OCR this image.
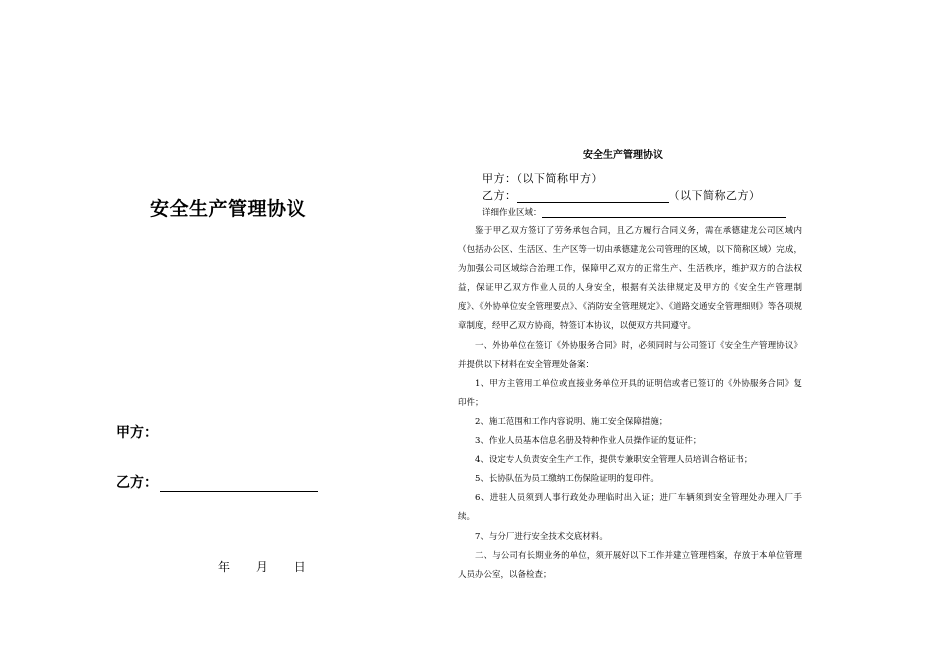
安全生产管理协议
甲方：
乙方：
年 月 日
安全生产管理协议
甲方：（以下简称甲方）
乙方：	（以下简称乙方）
详细作业区域：

鉴于甲乙双方签订了劳务承包合同，且乙方履行合同义务，需在承德建龙公司区域内（包括办公区、生活区、生产区等一切由承德建龙公司管理的区域，以下简称区域）完成，为加强公司区域综合治理工作，保障甲乙双方的正常生产、生活秩序，维护双方的合法权益，保证甲乙双方作业人员的人身安全，根据有关法律规定及甲方的《安全生产管理制度》、《外协单位安全管理要点》、《消防安全管理规定》、《道路交通安全管理细则》等各项规章制度，经甲乙双方协商，特签订本协议，以便双方共同遵守。

一、外协单位在签订《外协服务合同》时，必须同时与公司签订《安全生产管理协议》并提供以下材料在安全管理处备案：

1、甲方主管用工单位或直接业务单位开具的证明信或者已签订的《外协服务合同》复印件；

2、施工范围和工作内容说明、施工安全保障措施；

3、作业人员基本信息名册及特种作业人员操作证的复证件；

4、设定专人负责安全生产工作，提供专兼职安全管理人员培训合格证书；

5、长协队伍为员工缴纳工伤保险证明的复印件。

6、进驻人员须到人事行政处办理临时出入证；进厂车辆须到安全管理处办理入厂手续。

7、与分厂进行安全技术交底材料。

二、与公司有长期业务的单位，须开展好以下工作并建立管理档案，存放于本单位管理人员办公室，以备检查；
